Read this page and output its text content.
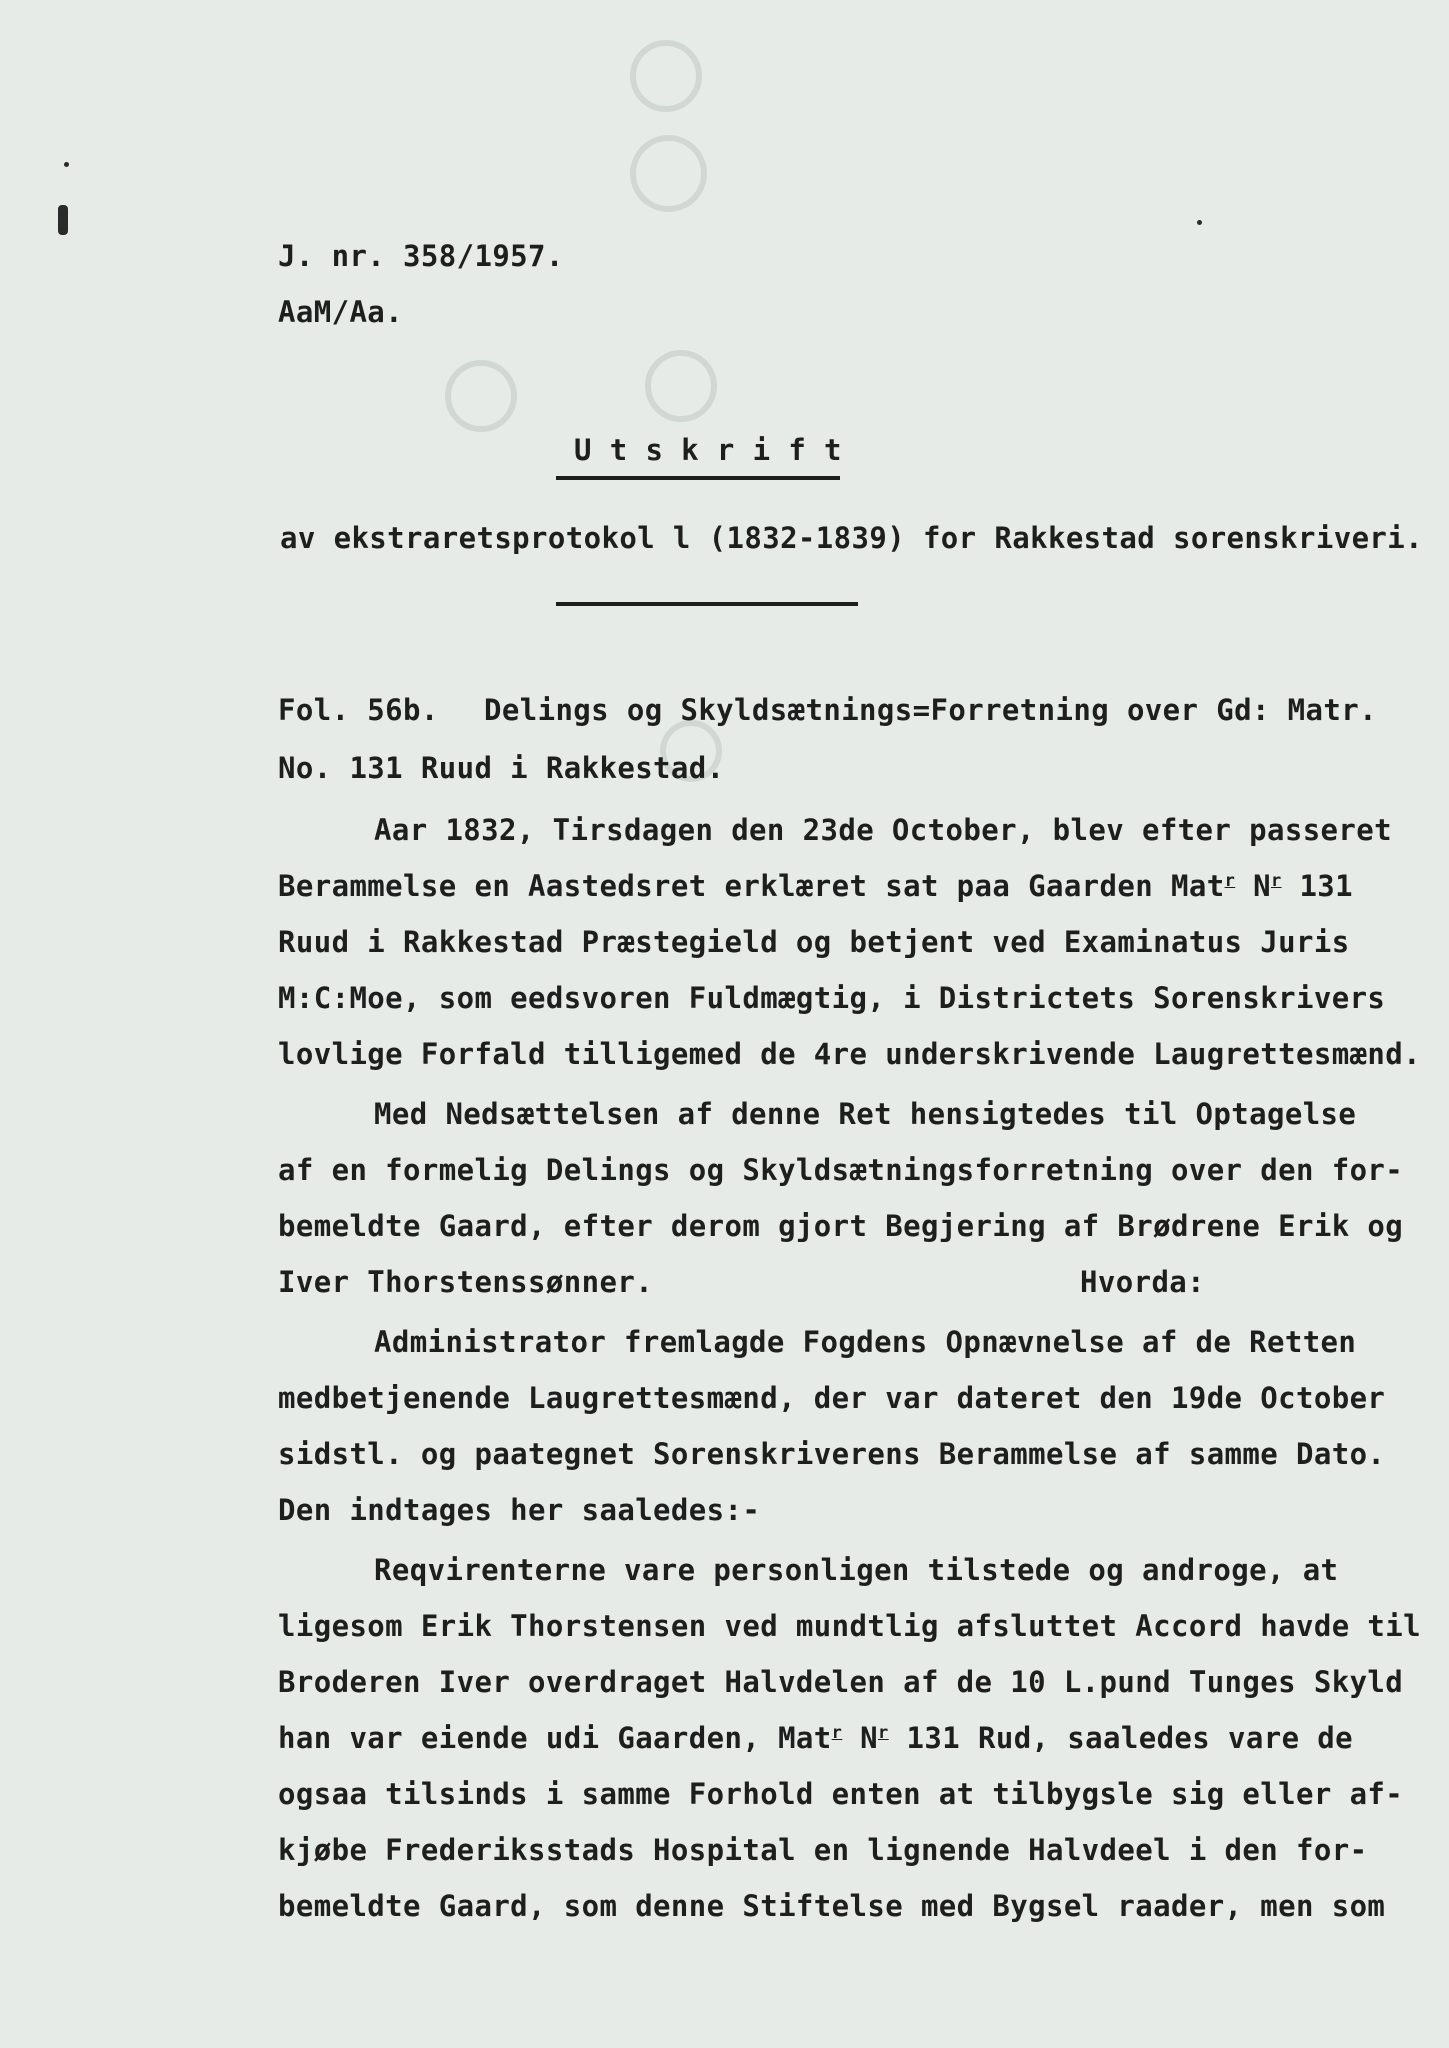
J. nr. 358/1957.
AaM/Aa.
U t s k r i f t
av ekstraretsprotokol l (1832-1839) for Rakkestad sorenskriveri.
Fol. 56b. Delings og Skyldsætnings=Forretning over Gd: Matr.
No. 131 Ruud i Rakkestad.
Aar 1832, Tirsdagen den 23de October, blev efter passeret
Berammelse en Aastedsret erklæret sat paa Gaarden Mat$^r$ $N^r$ 131
Ruud i Rakkestad Præstegield og betjent ved Examinatus Juris
M:C:Moe, som eedsvoren Fuldmægtig, i Districtets Sorenskrivers
lovlige Forfald tilligemed de 4re underskrivende Laugrettesmænd.
Med Nedsættelsen af denne Ret hensigtedes til Optagelse
af en formelig Delings og Skyldsætningsforretning over den for-
bemeldte Gaard, efter derom gjort Begjering af Brødrene Erik og
Iver Thorstenssønner.	Hvorda:
Administrator fremlagde Fogdens Opnævnelse af de Retten
medbetjenende Laugrettesmænd, der var dateret den 19de October
sidstl. og paategnet Sorenskriverens Berammelse af samme Dato.
Den indtages her saaledes:-
Reqvirenterne vare personligen tilstede og androge, at
ligesom Erik Thorstensen ved mundtlig afsluttet Accord havde til
Broderen Iver overdraget Halvdelen af de 10 L.pund Tunges Skyld
han var eiende udi Gaarden, Mat$^r$ $N^r$ 131 Rud, saaledes vare de
ogsaa tilsinds i samme Forhold enten at tilbygsle sig eller af-
kjøbe Frederiksstads Hospital en lignende Halvdeel i den for-
bemeldte Gaard, som denne Stiftelse med Bygsel raader, men som
